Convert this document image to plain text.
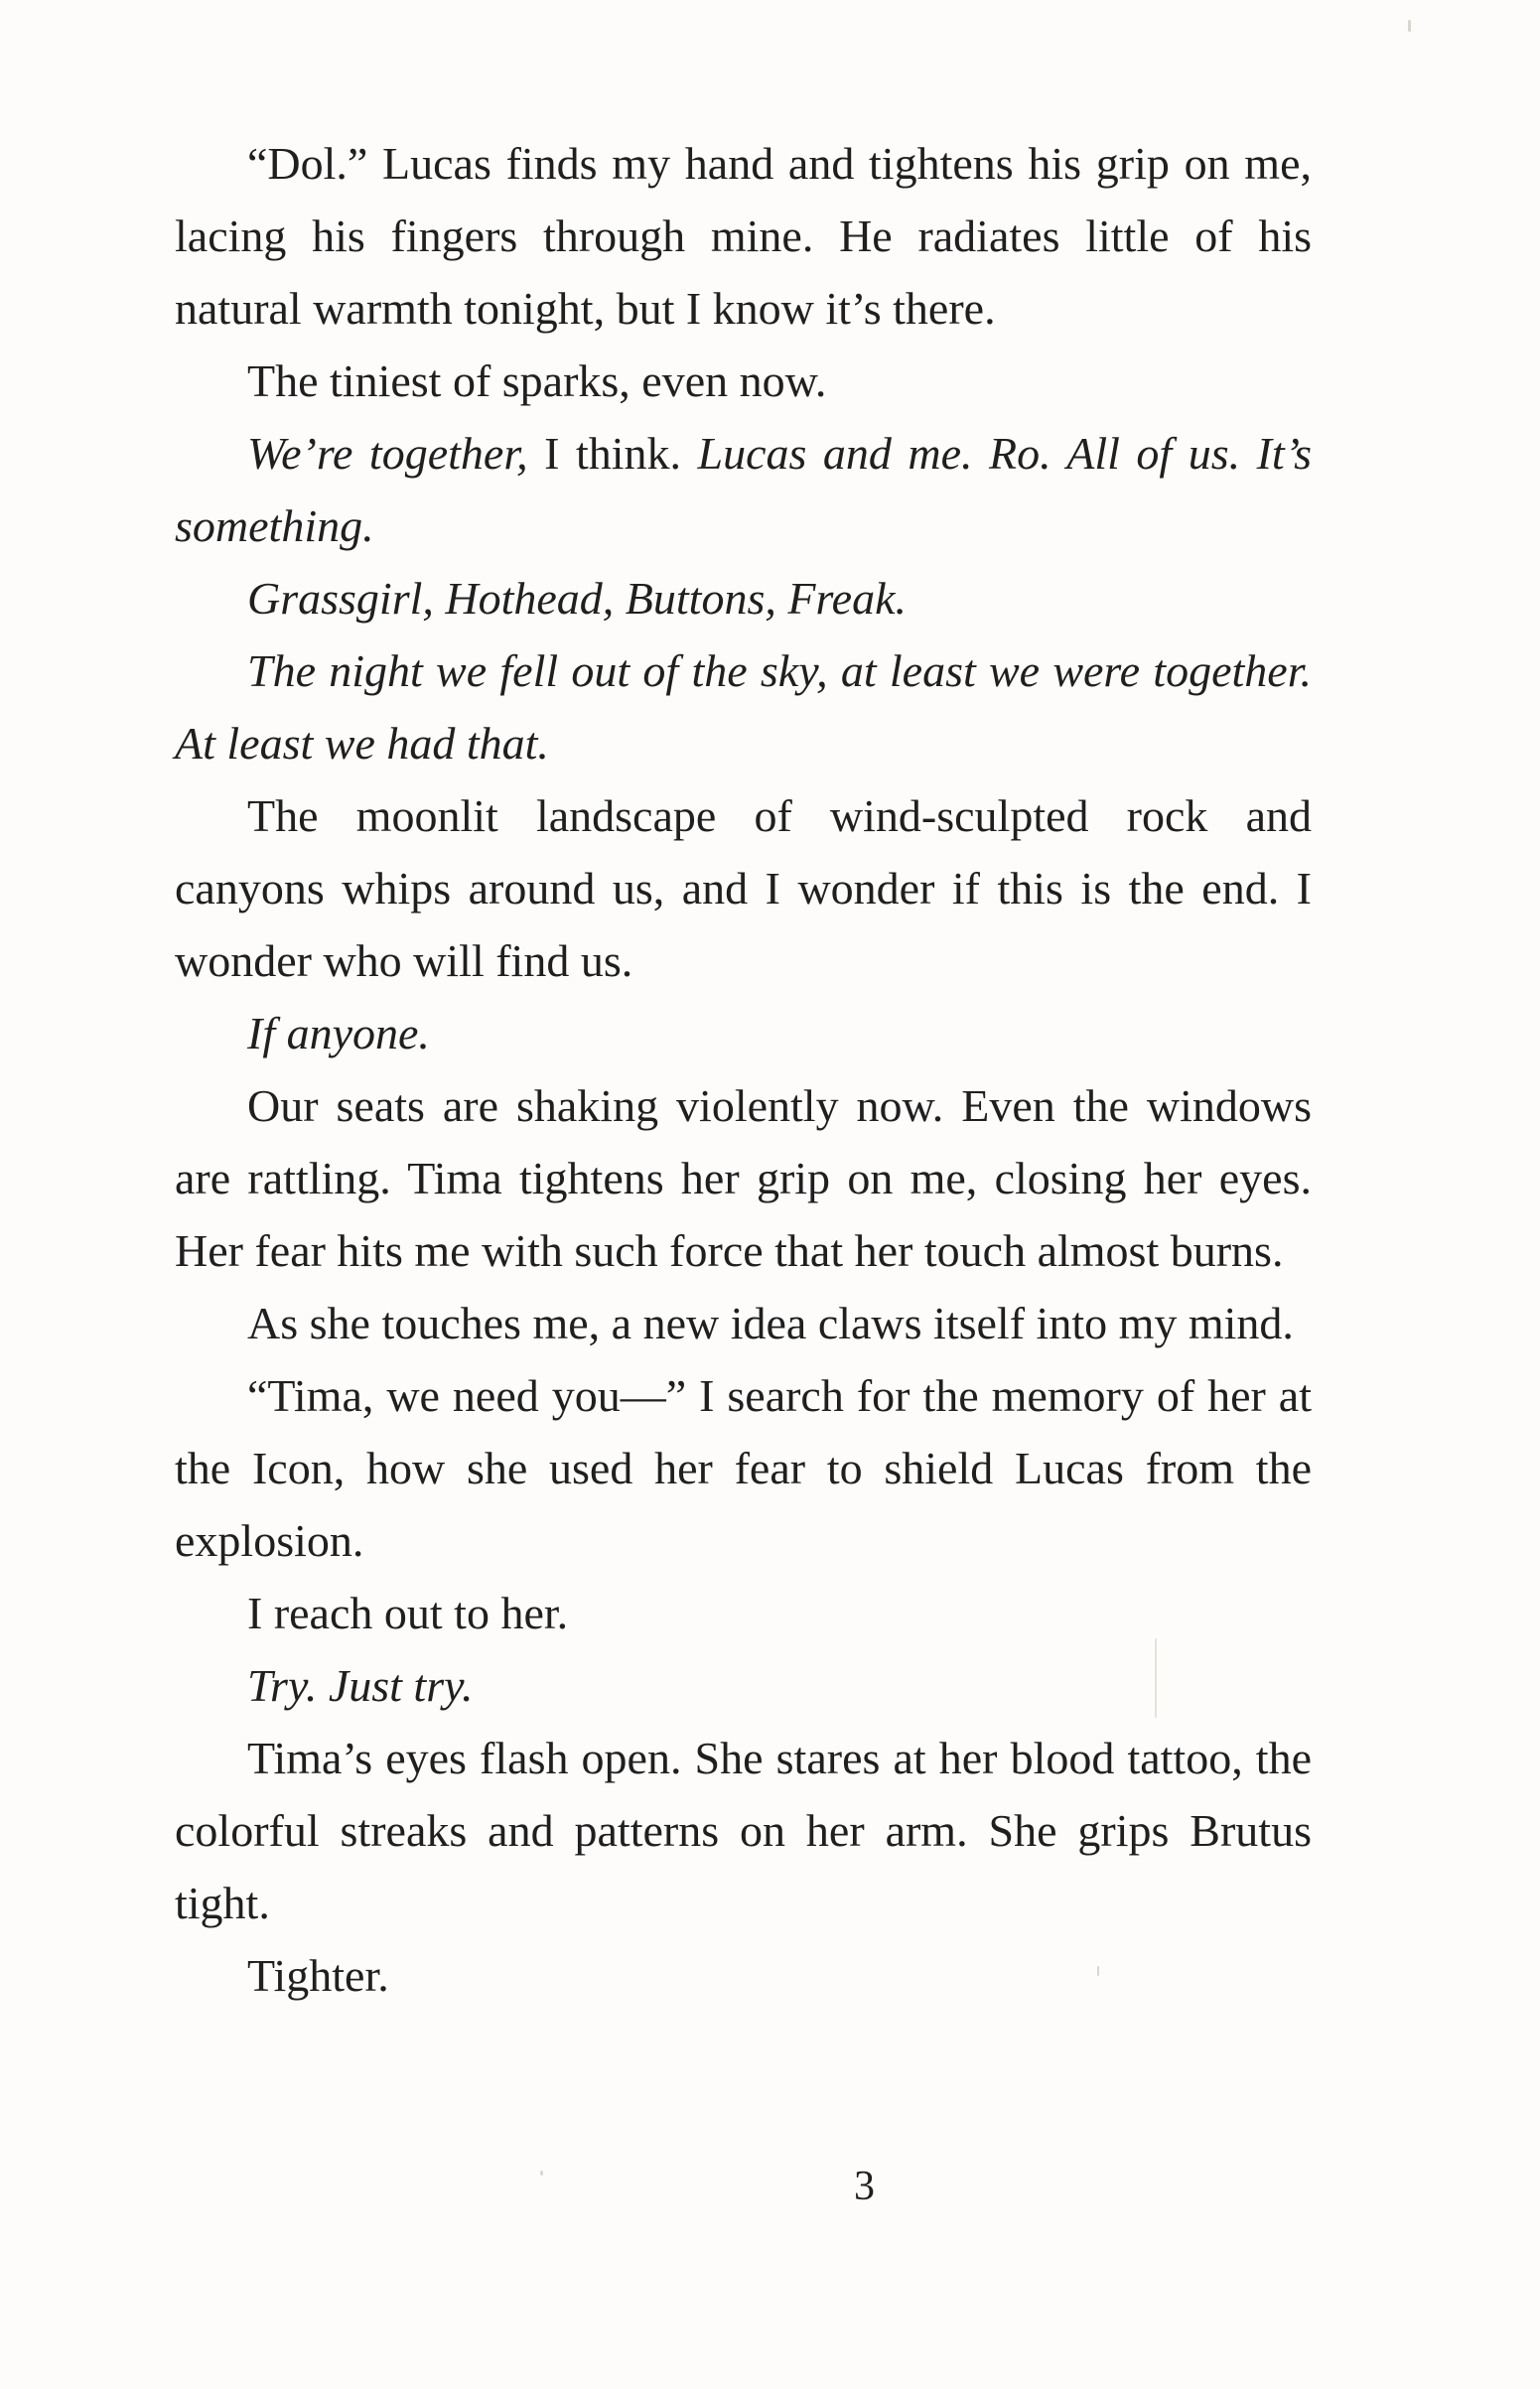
“Dol.” Lucas finds my hand and tightens his grip on me, lacing his fingers through mine. He radiates little of his natural warmth tonight, but I know it’s there.

The tiniest of sparks, even now.

We’re together, I think. Lucas and me. Ro. All of us. It’s something.

Grassgirl, Hothead, Buttons, Freak.

The night we fell out of the sky, at least we were together. At least we had that.

The moonlit landscape of wind-sculpted rock and canyons whips around us, and I wonder if this is the end. I wonder who will find us.

If anyone.

Our seats are shaking violently now. Even the windows are rattling. Tima tightens her grip on me, closing her eyes. Her fear hits me with such force that her touch almost burns.

As she touches me, a new idea claws itself into my mind.

“Tima, we need you—” I search for the memory of her at the Icon, how she used her fear to shield Lucas from the explosion.

I reach out to her.

Try. Just try.

Tima’s eyes flash open. She stares at her blood tattoo, the colorful streaks and patterns on her arm. She grips Brutus tight.

Tighter.

3
